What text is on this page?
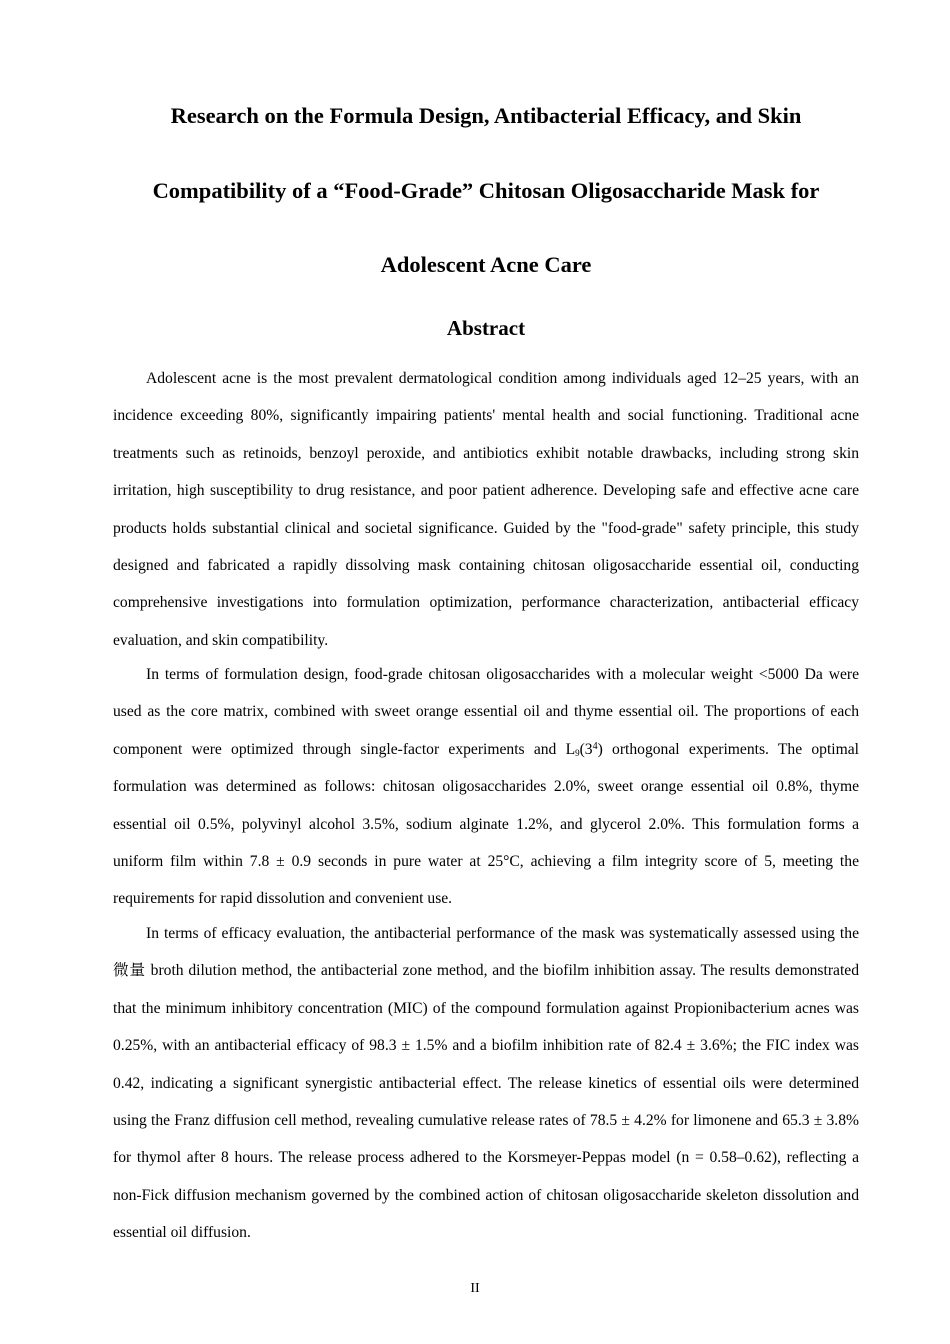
Research on the Formula Design, Antibacterial Efficacy, and Skin
Compatibility of a “Food-Grade” Chitosan Oligosaccharide Mask for
Adolescent Acne Care
Abstract

Adolescent acne is the most prevalent dermatological condition among individuals aged 12–25 years, with an incidence exceeding 80%, significantly impairing patients' mental health and social functioning. Traditional acne treatments such as retinoids, benzoyl peroxide, and antibiotics exhibit notable drawbacks, including strong skin irritation, high susceptibility to drug resistance, and poor patient adherence. Developing safe and effective acne care products holds substantial clinical and societal significance. Guided by the "food-grade" safety principle, this study designed and fabricated a rapidly dissolving mask containing chitosan oligosaccharide essential oil, conducting comprehensive investigations into formulation optimization, performance characterization, antibacterial efficacy evaluation, and skin compatibility.

In terms of formulation design, food-grade chitosan oligosaccharides with a molecular weight <5000 Da were used as the core matrix, combined with sweet orange essential oil and thyme essential oil. The proportions of each component were optimized through single-factor experiments and $L_9(3^4)$ orthogonal experiments. The optimal formulation was determined as follows: chitosan oligosaccharides 2.0%, sweet orange essential oil 0.8%, thyme essential oil 0.5%, polyvinyl alcohol 3.5%, sodium alginate 1.2%, and glycerol 2.0%. This formulation forms a uniform film within 7.8 ± 0.9 seconds in pure water at 25°C, achieving a film integrity score of 5, meeting the requirements for rapid dissolution and convenient use.

In terms of efficacy evaluation, the antibacterial performance of the mask was systematically assessed using the 微量 broth dilution method, the antibacterial zone method, and the biofilm inhibition assay. The results demonstrated that the minimum inhibitory concentration (MIC) of the compound formulation against Propionibacterium acnes was 0.25%, with an antibacterial efficacy of 98.3 ± 1.5% and a biofilm inhibition rate of 82.4 ± 3.6%; the FIC index was 0.42, indicating a significant synergistic antibacterial effect. The release kinetics of essential oils were determined using the Franz diffusion cell method, revealing cumulative release rates of 78.5 ± 4.2% for limonene and 65.3 ± 3.8% for thymol after 8 hours. The release process adhered to the Korsmeyer-Peppas model (n = 0.58–0.62), reflecting a non-Fick diffusion mechanism governed by the combined action of chitosan oligosaccharide skeleton dissolution and essential oil diffusion.

II
